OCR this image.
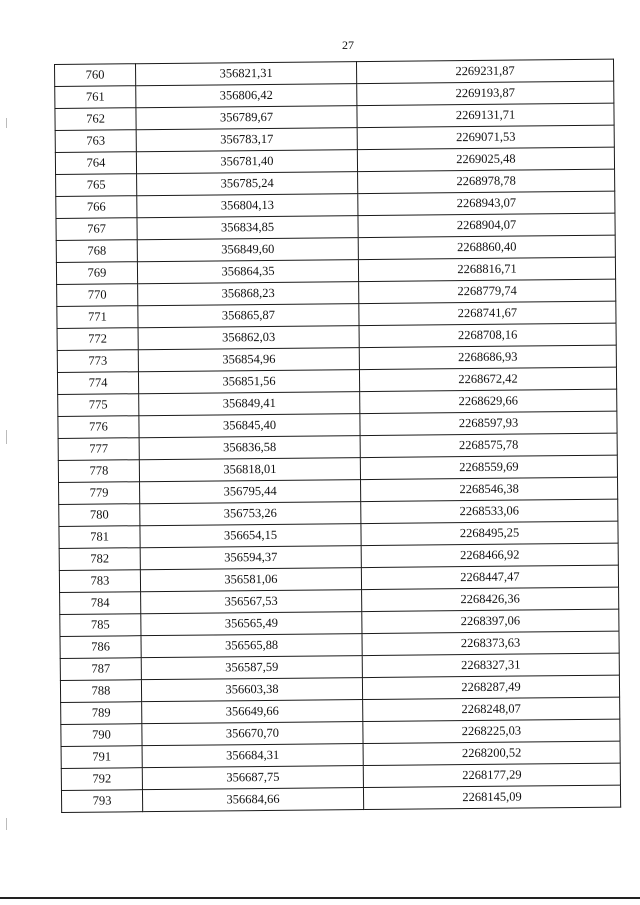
27
760	356821,31	2269231,87
761	356806,42	2269193,87
762	356789,67	2269131,71
763	356783,17	2269071,53
764	356781,40	2269025,48
765	356785,24	2268978,78
766	356804,13	2268943,07
767	356834,85	2268904,07
768	356849,60	2268860,40
769	356864,35	2268816,71
770	356868,23	2268779,74
771	356865,87	2268741,67
772	356862,03	2268708,16
773	356854,96	2268686,93
774	356851,56	2268672,42
775	356849,41	2268629,66
776	356845,40	2268597,93
777	356836,58	2268575,78
778	356818,01	2268559,69
779	356795,44	2268546,38
780	356753,26	2268533,06
781	356654,15	2268495,25
782	356594,37	2268466,92
783	356581,06	2268447,47
784	356567,53	2268426,36
785	356565,49	2268397,06
786	356565,88	2268373,63
787	356587,59	2268327,31
788	356603,38	2268287,49
789	356649,66	2268248,07
790	356670,70	2268225,03
791	356684,31	2268200,52
792	356687,75	2268177,29
793	356684,66	2268145,09
